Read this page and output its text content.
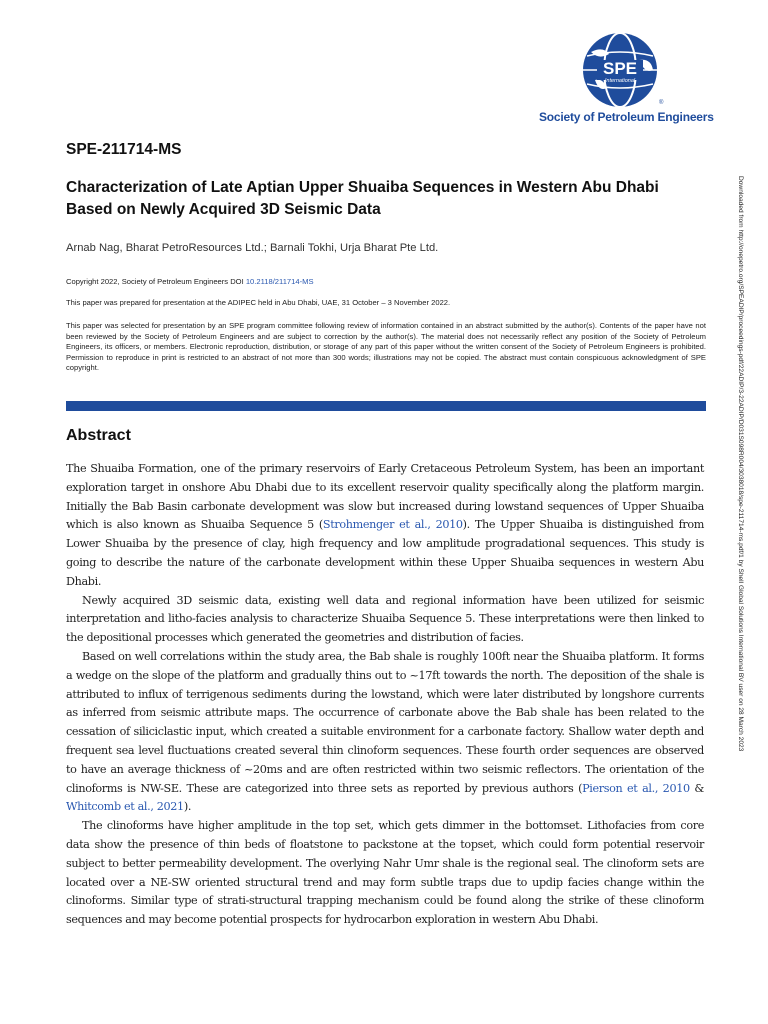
SPE
International
®
Society of Petroleum Engineers
SPE-211714-MS
Characterization of Late Aptian Upper Shuaiba Sequences in Western Abu Dhabi Based on Newly Acquired 3D Seismic Data
Arnab Nag, Bharat PetroResources Ltd.; Barnali Tokhi, Urja Bharat Pte Ltd.
Copyright 2022, Society of Petroleum Engineers DOI 10.2118/211714-MS
This paper was prepared for presentation at the ADIPEC held in Abu Dhabi, UAE, 31 October – 3 November 2022.
This paper was selected for presentation by an SPE program committee following review of information contained in an abstract submitted by the author(s). Contents of the paper have not been reviewed by the Society of Petroleum Engineers and are subject to correction by the author(s). The material does not necessarily reflect any position of the Society of Petroleum Engineers, its officers, or members. Electronic reproduction, distribution, or storage of any part of this paper without the written consent of the Society of Petroleum Engineers is prohibited. Permission to reproduce in print is restricted to an abstract of not more than 300 words; illustrations may not be copied. The abstract must contain conspicuous acknowledgment of SPE copyright.
Abstract

The Shuaiba Formation, one of the primary reservoirs of Early Cretaceous Petroleum System, has been an important exploration target in onshore Abu Dhabi due to its excellent reservoir quality specifically along the platform margin. Initially the Bab Basin carbonate development was slow but increased during lowstand sequences of Upper Shuaiba which is also known as Shuaiba Sequence 5 (Strohmenger et al., 2010). The Upper Shuaiba is distinguished from Lower Shuaiba by the presence of clay, high frequency and low amplitude progradational sequences. This study is going to describe the nature of the carbonate development within these Upper Shuaiba sequences in western Abu Dhabi.

Newly acquired 3D seismic data, existing well data and regional information have been utilized for seismic interpretation and litho-facies analysis to characterize Shuaiba Sequence 5. These interpretations were then linked to the depositional processes which generated the geometries and distribution of facies.

Based on well correlations within the study area, the Bab shale is roughly 100ft near the Shuaiba platform. It forms a wedge on the slope of the platform and gradually thins out to ~17ft towards the north. The deposition of the shale is attributed to influx of terrigenous sediments during the lowstand, which were later distributed by longshore currents as inferred from seismic attribute maps. The occurrence of carbonate above the Bab shale has been related to the cessation of siliciclastic input, which created a suitable environment for a carbonate factory. Shallow water depth and frequent sea level fluctuations created several thin clinoform sequences. These fourth order sequences are observed to have an average thickness of ~20ms and are often restricted within two seismic reflectors. The orientation of the clinoforms is NW-SE. These are categorized into three sets as reported by previous authors (Pierson et al., 2010 & Whitcomb et al., 2021).

The clinoforms have higher amplitude in the top set, which gets dimmer in the bottomset. Lithofacies from core data show the presence of thin beds of floatstone to packstone at the topset, which could form potential reservoir subject to better permeability development. The overlying Nahr Umr shale is the regional seal. The clinoform sets are located over a NE-SW oriented structural trend and may form subtle traps due to updip facies change within the clinoforms. Similar type of strati-structural trapping mechanism could be found along the strike of these clinoform sequences and may become potential prospects for hydrocarbon exploration in western Abu Dhabi.

Downloaded from http://onepetro.org/SPEADIP/proceedings-pdf/22ADIP/3-22ADIP/D031S098R004/3038018/spe-211714-ms.pdf/1 by Shell Global Solutions International BV user on 28 March 2023
